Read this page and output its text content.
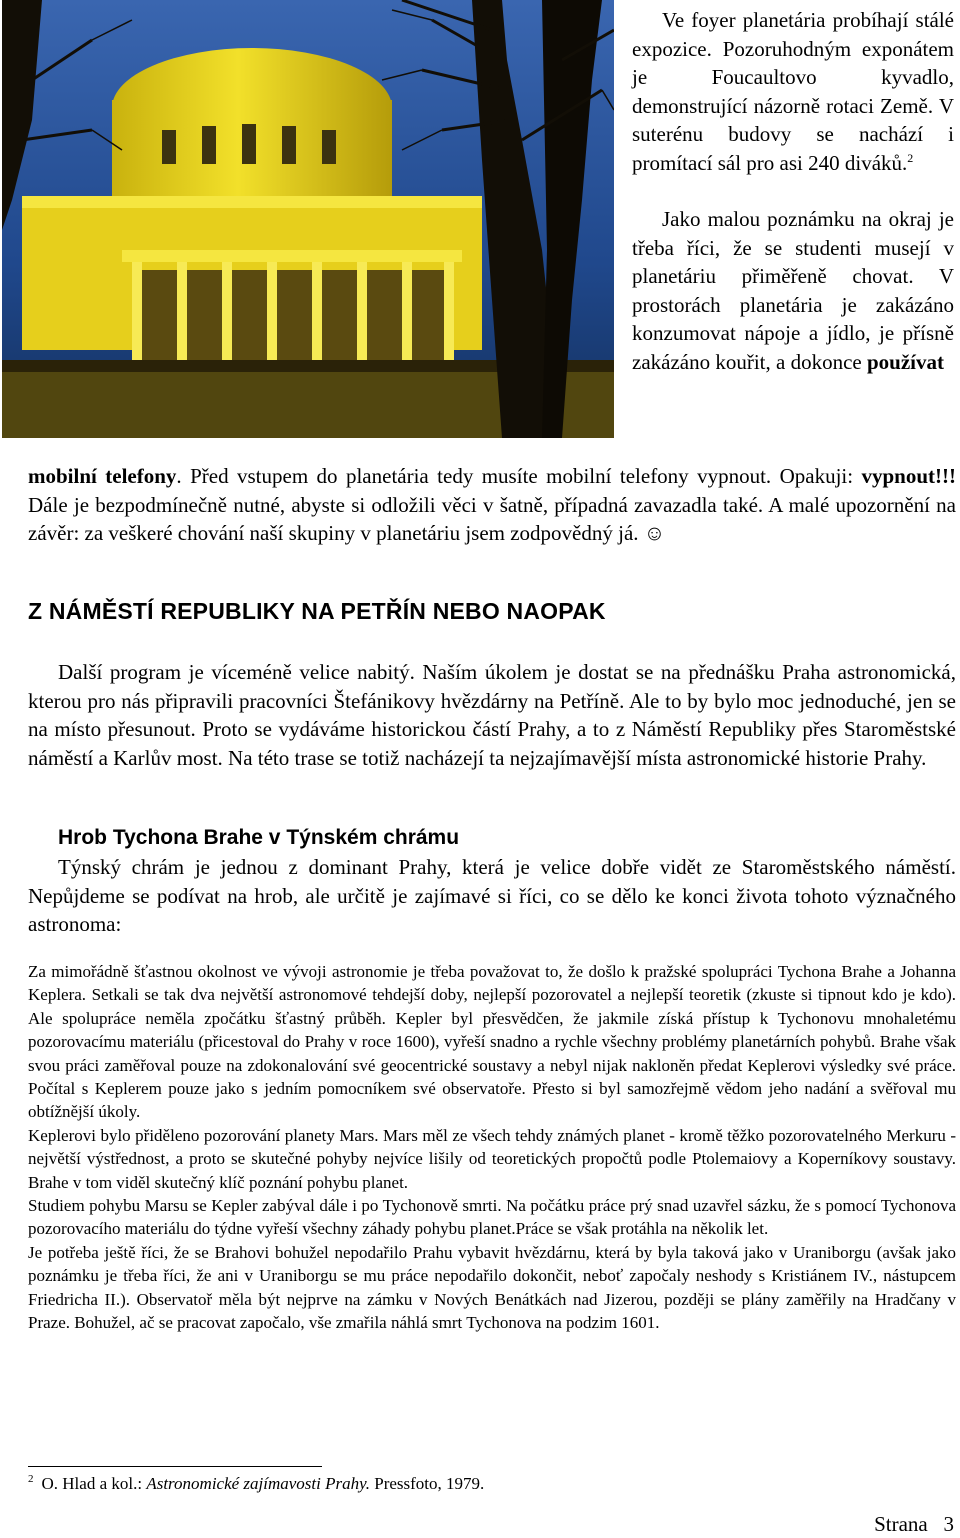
Ve foyer planetária probíhají stálé expozice. Pozoruhodným exponátem je Foucaultovo kyvadlo, demonstrující názorně rotaci Země. V suterénu budovy se nachází i promítací sál pro asi 240 diváků.$^2$

Jako malou poznámku na okraj je třeba říci, že se studenti musejí v planetáriu přiměřeně chovat. V prostorách planetária je zakázáno konzumovat nápoje a jídlo, je přísně zakázáno kouřit, a dokonce používat

mobilní telefony. Před vstupem do planetária tedy musíte mobilní telefony vypnout. Opakuji: vypnout!!! Dále je bezpodmínečně nutné, abyste si odložili věci v šatně, případná zavazadla také. A malé upozornění na závěr: za veškeré chování naší skupiny v planetáriu jsem zodpovědný já. ☺

Z NÁMĚSTÍ REPUBLIKY NA PETŘÍN NEBO NAOPAK

Další program je víceméně velice nabitý. Naším úkolem je dostat se na přednášku Praha astronomická, kterou pro nás připravili pracovníci Štefánikovy hvězdárny na Petříně. Ale to by bylo moc jednoduché, jen se na místo přesunout. Proto se vydáváme historickou částí Prahy, a to z Náměstí Republiky přes Staroměstské náměstí a Karlův most. Na této trase se totiž nacházejí ta nejzajímavější místa astronomické historie Prahy.

Hrob Tychona Brahe v Týnském chrámu

Týnský chrám je jednou z dominant Prahy, která je velice dobře vidět ze Staroměstského náměstí. Nepůjdeme se podívat na hrob, ale určitě je zajímavé si říci, co se dělo ke konci života tohoto význačného astronoma:

Za mimořádně šťastnou okolnost ve vývoji astronomie je třeba považovat to, že došlo k pražské spolupráci Tychona Brahe a Johanna Keplera. Setkali se tak dva největší astronomové tehdejší doby, nejlepší pozorovatel a nejlepší teoretik (zkuste si tipnout kdo je kdo). Ale spolupráce neměla zpočátku šťastný průběh. Kepler byl přesvědčen, že jakmile získá přístup k Tychonovu mnohaletému pozorovacímu materiálu (přicestoval do Prahy v roce 1600), vyřeší snadno a rychle všechny problémy planetárních pohybů. Brahe však svou práci zaměřoval pouze na zdokonalování své geocentrické soustavy a nebyl nijak nakloněn předat Keplerovi výsledky své práce. Počítal s Keplerem pouze jako s jedním pomocníkem své observatoře. Přesto si byl samozřejmě vědom jeho nadání a svěřoval mu obtížnější úkoly.

Keplerovi bylo přiděleno pozorování planety Mars. Mars měl ze všech tehdy známých planet - kromě těžko pozorovatelného Merkuru - největší výstřednost, a proto se skutečné pohyby nejvíce lišily od teoretických propočtů podle Ptolemaiovy a Koperníkovy soustavy. Brahe v tom viděl skutečný klíč poznání pohybu planet.

Studiem pohybu Marsu se Kepler zabýval dále i po Tychonově smrti. Na počátku práce prý snad uzavřel sázku, že s pomocí Tychonova pozorovacího materiálu do týdne vyřeší všechny záhady pohybu planet.Práce se však protáhla na několik let.

Je potřeba ještě říci, že se Brahovi bohužel nepodařilo Prahu vybavit hvězdárnu, která by byla taková jako v Uraniborgu (avšak jako poznámku je třeba říci, že ani v Uraniborgu se mu práce nepodařilo dokončit, neboť započaly neshody s Kristiánem IV., nástupcem Friedricha II.). Observatoř měla být nejprve na zámku v Nových Benátkách nad Jizerou, později se plány zaměřily na Hradčany v Praze. Bohužel, ač se pracovat započalo, vše zmařila náhlá smrt Tychonova na podzim 1601.

$^2$ O. Hlad a kol.: Astronomické zajímavosti Prahy. Pressfoto, 1979.
Strana   3
